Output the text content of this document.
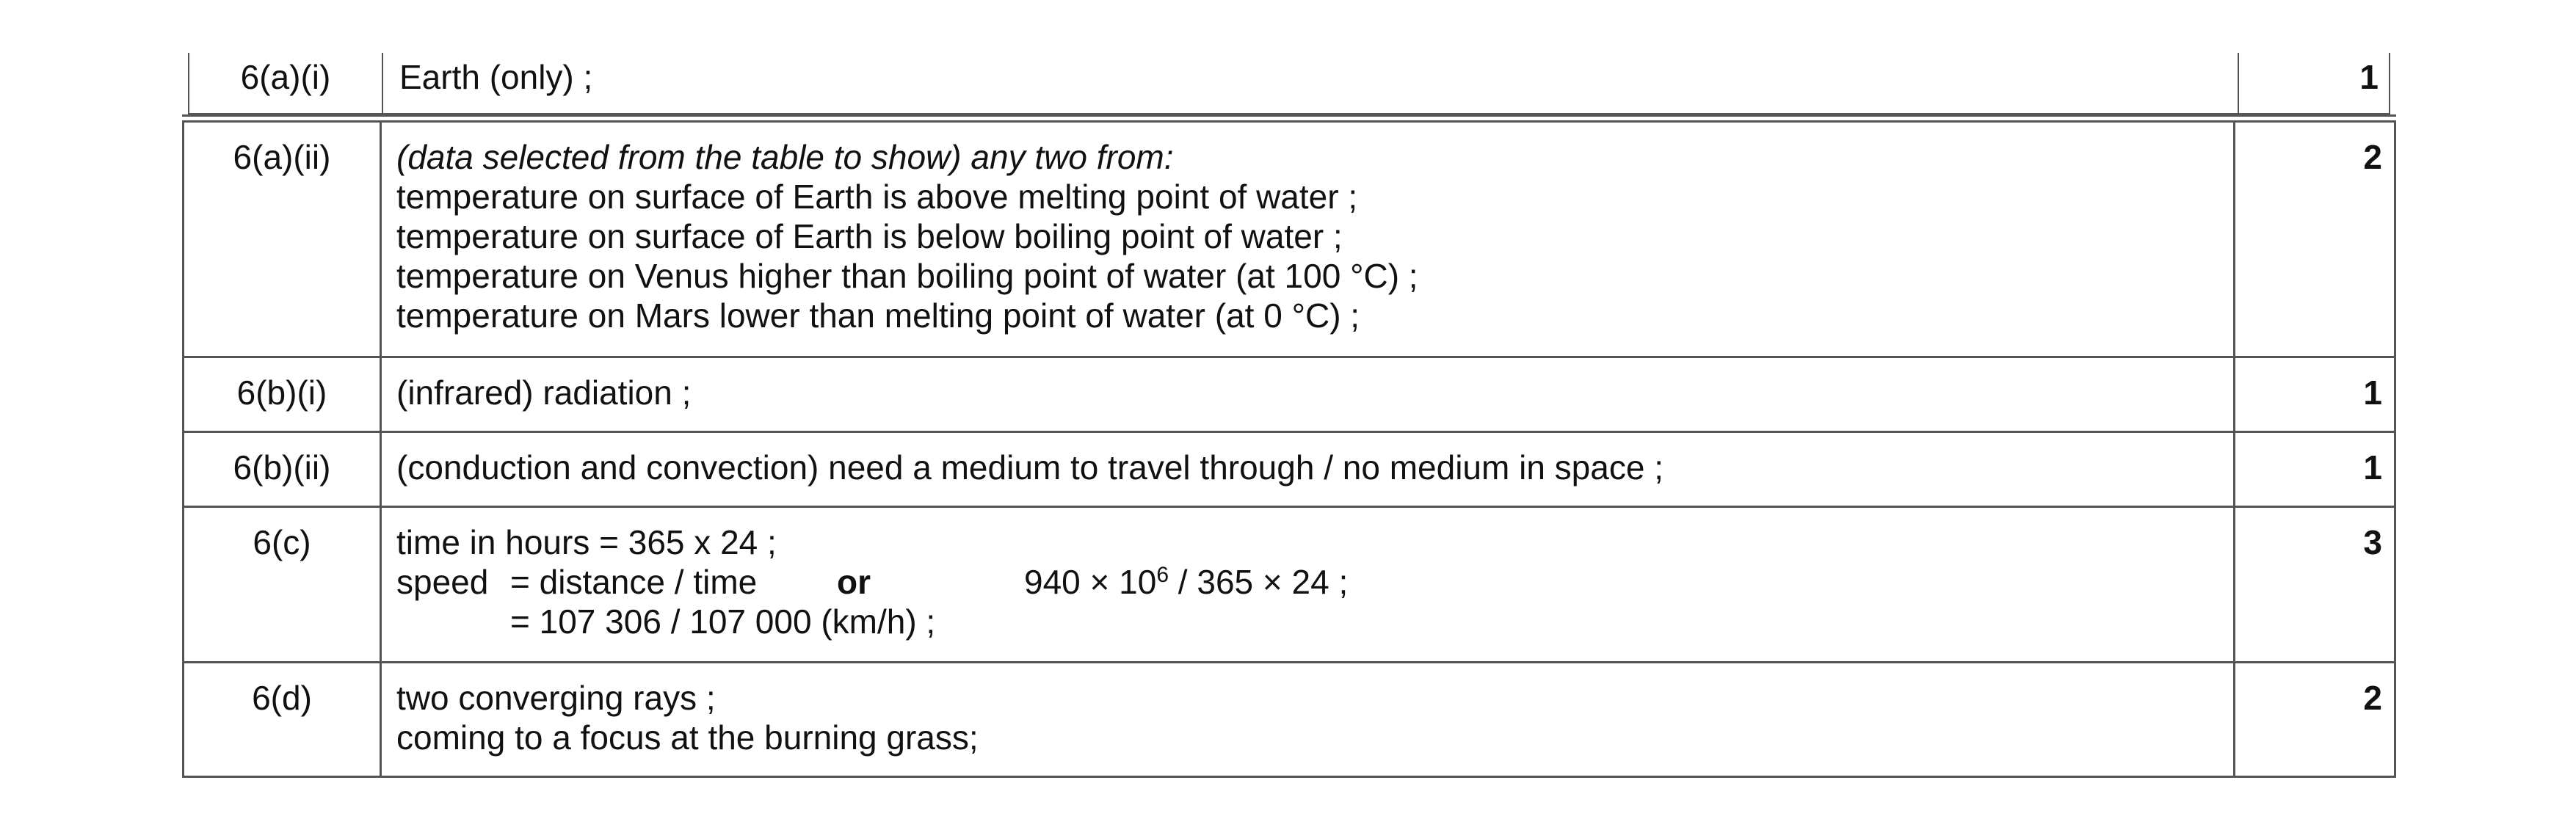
6(a)(i)	Earth (only) ;	1
6(a)(ii)	(data selected from the table to show) any two from:
temperature on surface of Earth is above melting point of water ;
temperature on surface of Earth is below boiling point of water ;
temperature on Venus higher than boiling point of water (at 100 °C) ;
temperature on Mars lower than melting point of water (at 0 °C) ;	2
6(b)(i)	(infrared) radiation ;	1
6(b)(ii)	(conduction and convection) need a medium to travel through / no medium in space ;	1
6(c)	time in hours = 365 x 24 ;
speed = distance / time or $940 \times 10^6 / 365 \times 24$ ;
= 107 306 / 107 000 (km/h) ;	3
6(d)	two converging rays ;
coming to a focus at the burning grass;	2
